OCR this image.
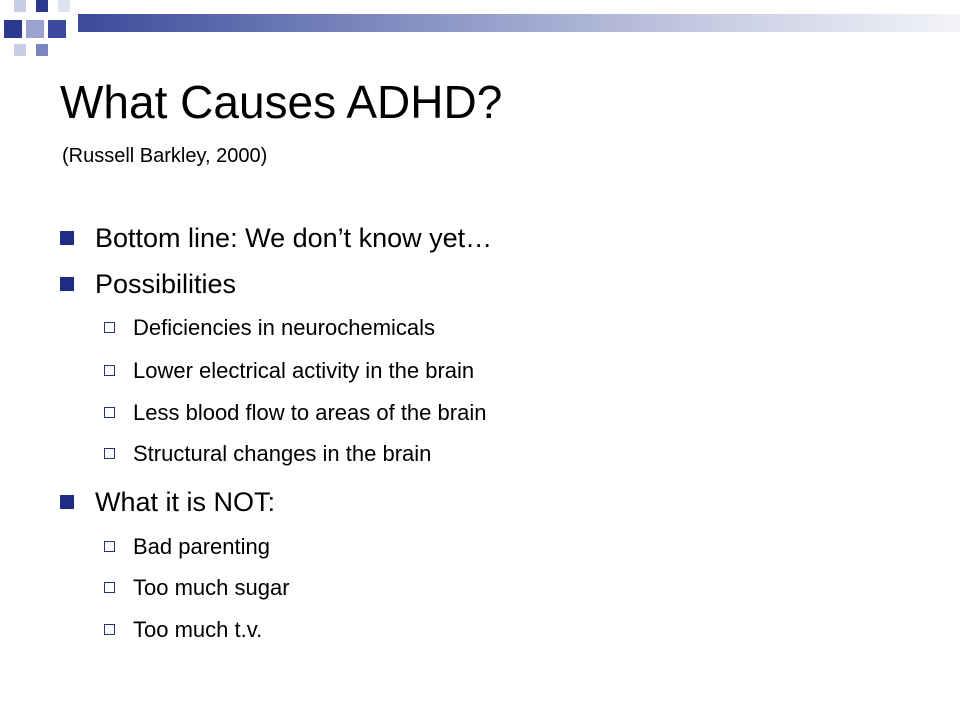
What Causes ADHD?
(Russell Barkley, 2000)
Bottom line: We don’t know yet…
Possibilities
Deficiencies in neurochemicals
Lower electrical activity in the brain
Less blood flow to areas of the brain
Structural changes in the brain
What it is NOT:
Bad parenting
Too much sugar
Too much t.v.
